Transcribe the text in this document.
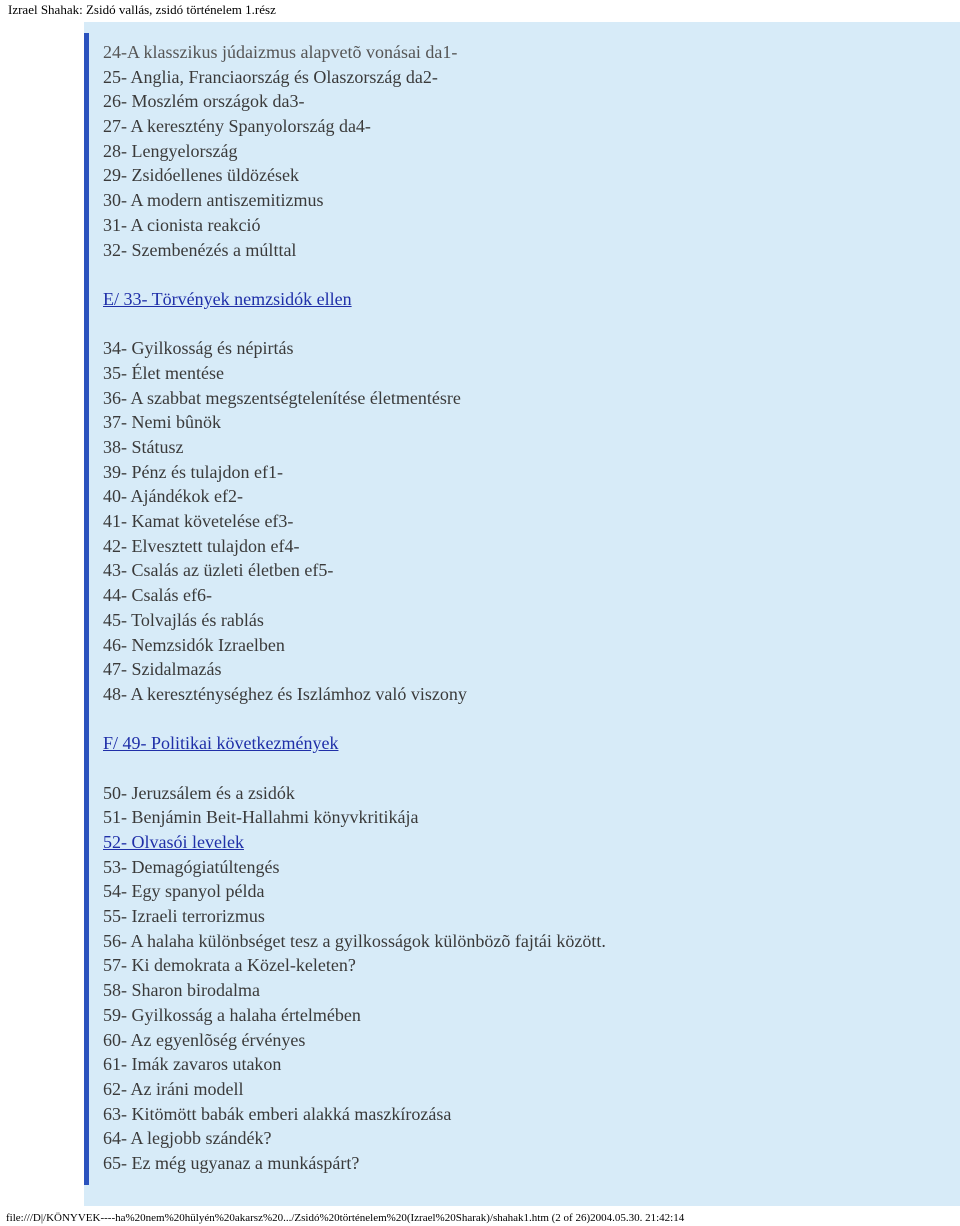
Izrael Shahak: Zsidó vallás, zsidó történelem 1.rész
24-A klasszikus júdaizmus alapvetõ vonásai da1-
25- Anglia, Franciaország és Olaszország da2-
26- Moszlém országok da3-
27- A keresztény Spanyolország da4-
28- Lengyelország
29- Zsidóellenes üldözések
30- A modern antiszemitizmus
31- A cionista reakció
32- Szembenézés a múlttal
E/ 33- Törvények nemzsidók ellen
34- Gyilkosság és népirtás
35- Élet mentése
36- A szabbat megszentségtelenítése életmentésre
37- Nemi bûnök
38- Státusz
39- Pénz és tulajdon ef1-
40- Ajándékok ef2-
41- Kamat követelése ef3-
42- Elvesztett tulajdon ef4-
43- Csalás az üzleti életben ef5-
44- Csalás ef6-
45- Tolvajlás és rablás
46- Nemzsidók Izraelben
47- Szidalmazás
48- A kereszténységhez és Iszlámhoz való viszony
F/ 49- Politikai következmények
50- Jeruzsálem és a zsidók
51- Benjámin Beit-Hallahmi könyvkritikája
52- Olvasói levelek
53- Demagógiatúltengés
54- Egy spanyol példa
55- Izraeli terrorizmus
56- A halaha különbséget tesz a gyilkosságok különbözõ fajtái között.
57- Ki demokrata a Közel-keleten?
58- Sharon birodalma
59- Gyilkosság a halaha értelmében
60- Az egyenlõség érvényes
61- Imák zavaros utakon
62- Az iráni modell
63- Kitömött babák emberi alakká maszkírozása
64- A legjobb szándék?
65- Ez még ugyanaz a munkáspárt?
file:///D|/KÖNYVEK----ha%20nem%20hülyén%20akarsz%20.../Zsidó%20történelem%20(Izrael%20Sharak)/shahak1.htm (2 of 26)2004.05.30. 21:42:14
